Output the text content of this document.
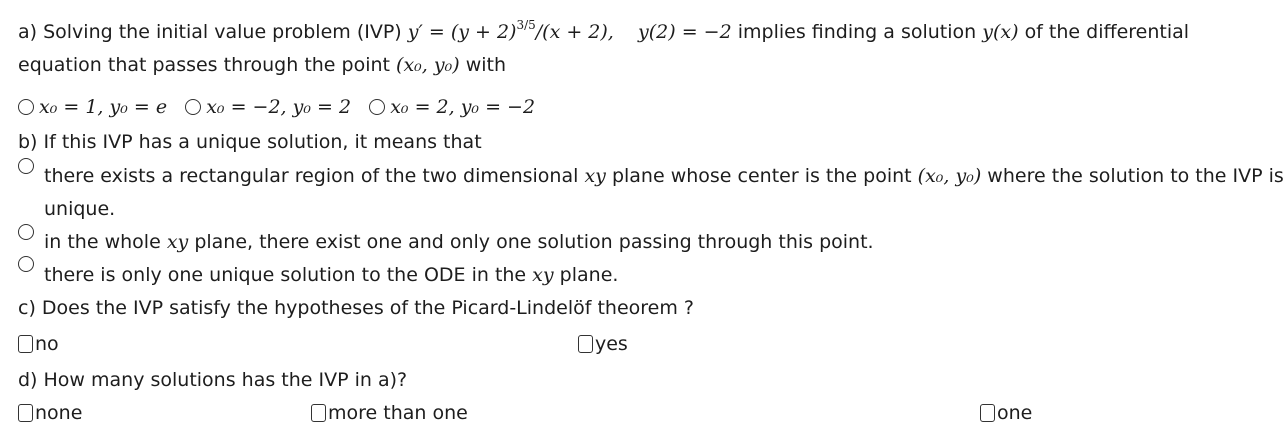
a) Solving the initial value problem (IVP) $y' = (y + 2)^{3/5}/(x + 2)$, y(2) = −2 implies finding a solution y(x) of the differential
equation that passes through the point (x₀, y₀) with
x₀ = 1, y₀ = e x₀ = −2, y₀ = 2 x₀ = 2, y₀ = −2
b) If this IVP has a unique solution, it means that
there exists a rectangular region of the two dimensional xy plane whose center is the point (x₀, y₀) where the solution to the IVP is
unique.
in the whole xy plane, there exist one and only one solution passing through this point.
there is only one unique solution to the ODE in the xy plane.
c) Does the IVP satisfy the hypotheses of the Picard-Lindelöf theorem ?
no	yes
d) How many solutions has the IVP in a)?
none	more than one	one
